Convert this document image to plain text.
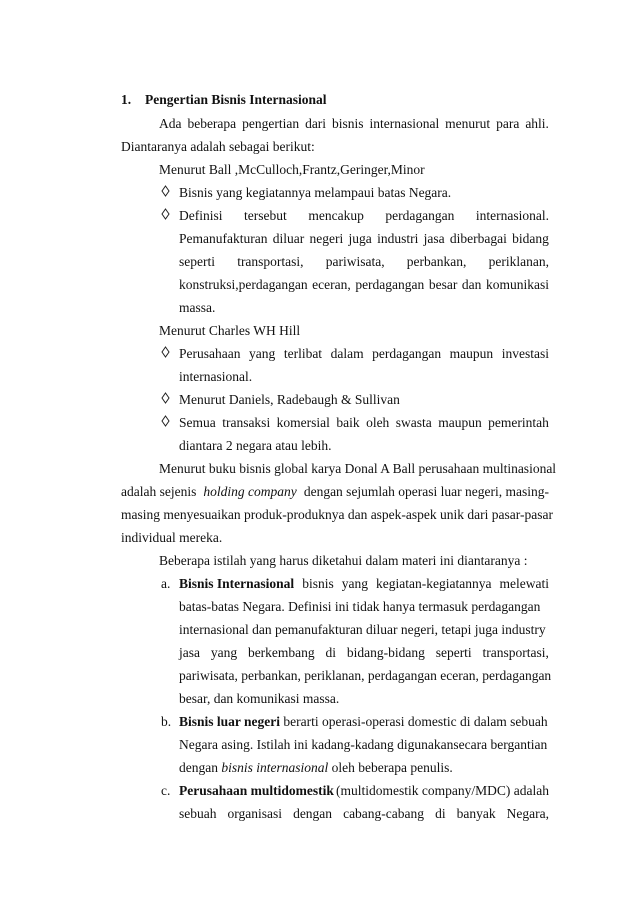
1. Pengertian Bisnis Internasional
Ada beberapa pengertian dari bisnis internasional menurut para ahli.
Diantaranya adalah sebagai berikut:
Menurut Ball ,McCulloch,Frantz,Geringer,Minor
Bisnis yang kegiatannya melampaui batas Negara.
Definisi tersebut mencakup perdagangan internasional.
Pemanufakturan diluar negeri juga industri jasa diberbagai bidang
seperti transportasi, pariwisata, perbankan, periklanan,
konstruksi,perdagangan eceran, perdagangan besar dan komunikasi
massa.
Menurut Charles WH Hill
Perusahaan yang terlibat dalam perdagangan maupun investasi
internasional.
Menurut Daniels, Radebaugh & Sullivan
Semua transaksi komersial baik oleh swasta maupun pemerintah
diantara 2 negara atau lebih.
Menurut buku bisnis global karya Donal A Ball perusahaan multinasional
adalah sejenis holding company dengan sejumlah operasi luar negeri, masing-
masing menyesuaikan produk-produknya dan aspek-aspek unik dari pasar-pasar
individual mereka.
Beberapa istilah yang harus diketahui dalam materi ini diantaranya :
a. Bisnis Internasional bisnis yang kegiatan-kegiatannya melewati
batas-batas Negara. Definisi ini tidak hanya termasuk perdagangan
internasional dan pemanufakturan diluar negeri, tetapi juga industry
jasa yang berkembang di bidang-bidang seperti transportasi,
pariwisata, perbankan, periklanan, perdagangan eceran, perdagangan
besar, dan komunikasi massa.
b. Bisnis luar negeri berarti operasi-operasi domestic di dalam sebuah
Negara asing. Istilah ini kadang-kadang digunakansecara bergantian
dengan bisnis internasional oleh beberapa penulis.
c. Perusahaan multidomestik (multidomestik company/MDC) adalah
sebuah organisasi dengan cabang-cabang di banyak Negara,
